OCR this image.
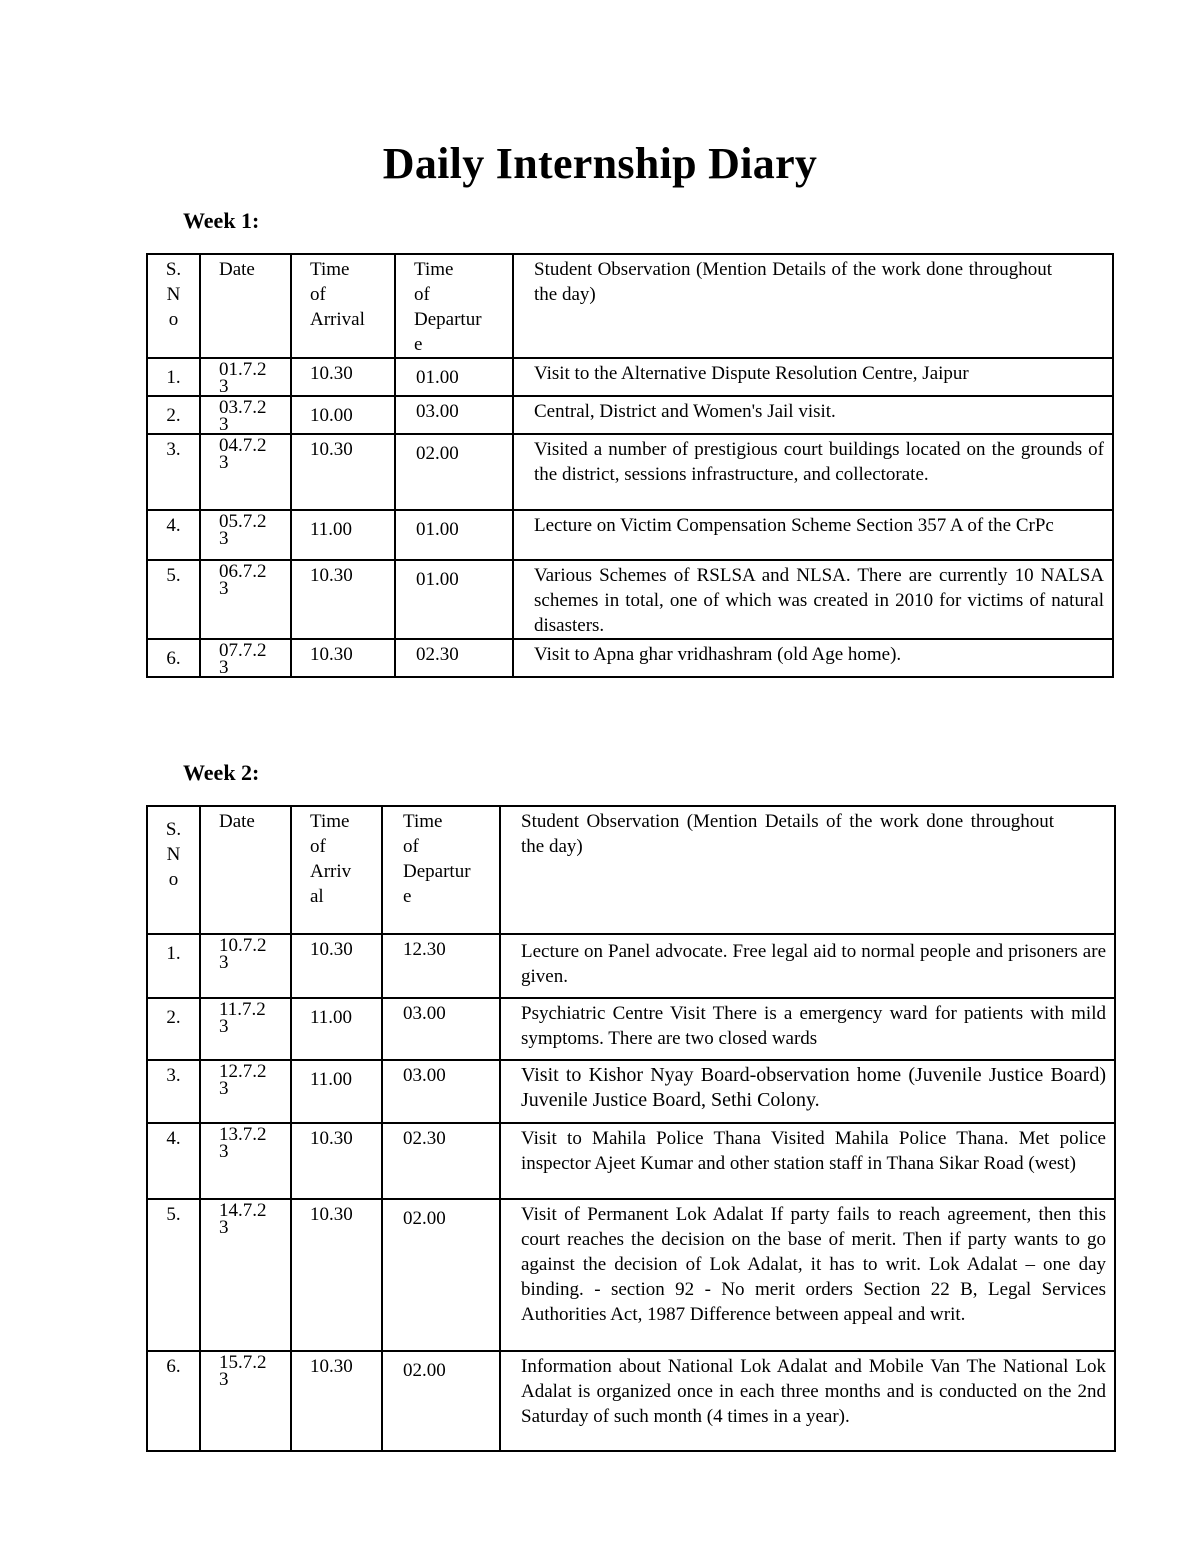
Daily Internship Diary
Week 1:
S.
N
o	Date	Time
of
Arrival	Time
of
Departur
e	Student Observation (Mention Details of the work done throughout the day)
1.	01.7.2
3	10.30	01.00	Visit to the Alternative Dispute Resolution Centre, Jaipur
2.	03.7.2
3	10.00	03.00	Central, District and Women's Jail visit.
3.	04.7.2
3	10.30	02.00	Visited a number of prestigious court buildings located on the grounds of the district, sessions infrastructure, and collectorate.
4.	05.7.2
3	11.00	01.00	Lecture on Victim Compensation Scheme Section 357 A of the CrPc
5.	06.7.2
3	10.30	01.00	Various Schemes of RSLSA and NLSA. There are currently 10 NALSA schemes in total, one of which was created in 2010 for victims of natural disasters.
6.	07.7.2
3	10.30	02.30	Visit to Apna ghar vridhashram (old Age home).
Week 2:
S.
N
o	Date	Time
of
Arriv
al	Time
of
Departur
e	Student Observation (Mention Details of the work done throughout the day)
1.	10.7.2
3	10.30	12.30	Lecture on Panel advocate. Free legal aid to normal people and prisoners are given.
2.	11.7.2
3	11.00	03.00	Psychiatric Centre Visit There is a emergency ward for patients with mild symptoms. There are two closed wards
3.	12.7.2
3	11.00	03.00	Visit to Kishor Nyay Board-observation home (Juvenile Justice Board) Juvenile Justice Board, Sethi Colony.
4.	13.7.2
3	10.30	02.30	Visit to Mahila Police Thana Visited Mahila Police Thana. Met police inspector Ajeet Kumar and other station staff in Thana Sikar Road (west)
5.	14.7.2
3	10.30	02.00	Visit of Permanent Lok Adalat If party fails to reach agreement, then this court reaches the decision on the base of merit. Then if party wants to go against the decision of Lok Adalat, it has to writ. Lok Adalat – one day binding. - section 92 - No merit orders Section 22 B, Legal Services Authorities Act, 1987 Difference between appeal and writ.
6.	15.7.2
3	10.30	02.00	Information about National Lok Adalat and Mobile Van The National Lok Adalat is organized once in each three months and is conducted on the 2nd Saturday of such month (4 times in a year).
